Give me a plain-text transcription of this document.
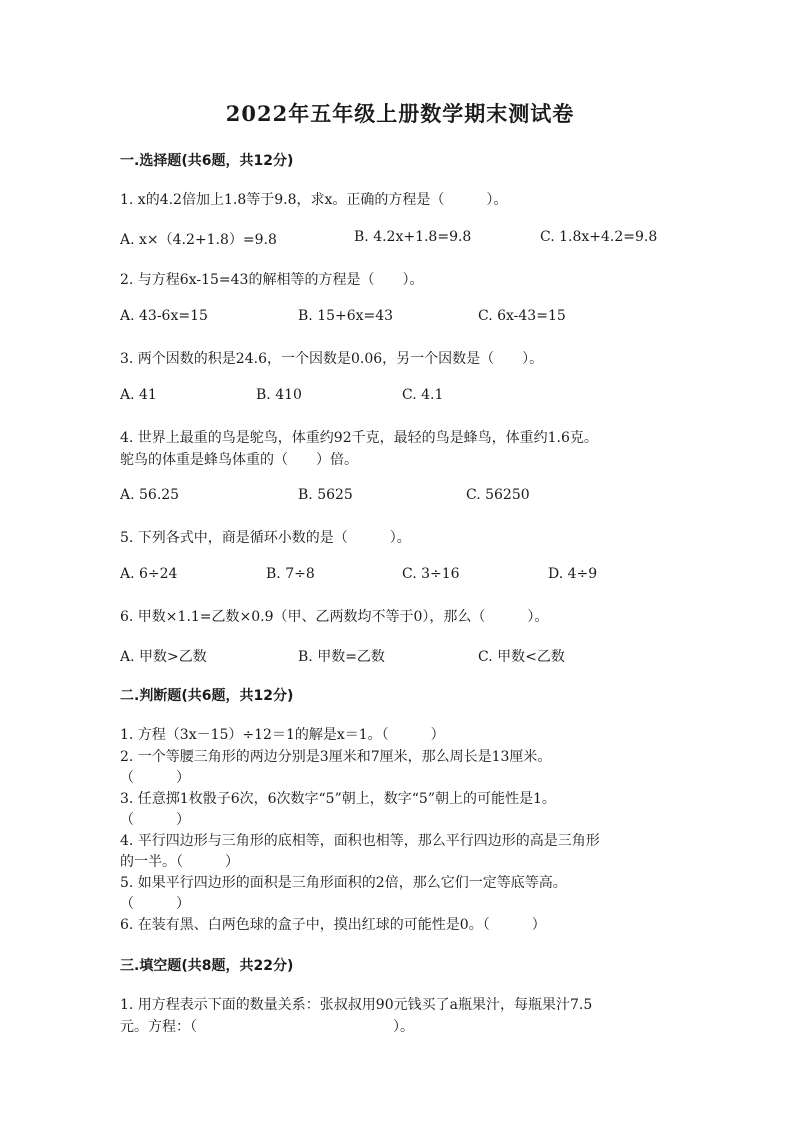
2022年五年级上册数学期末测试卷
一.选择题(共6题，共12分)
1. x的4.2倍加上1.8等于9.8，求x。正确的方程是（　　　）。
A. x×（4.2+1.8）=9.8	B. 4.2x+1.8=9.8	C. 1.8x+4.2=9.8
2. 与方程6x-15=43的解相等的方程是（　　）。
A. 43-6x=15	B. 15+6x=43	C. 6x-43=15
3. 两个因数的积是24.6，一个因数是0.06，另一个因数是（　　）。
A. 41	B. 410	C. 4.1
4. 世界上最重的鸟是鸵鸟，体重约92千克，最轻的鸟是蜂鸟，体重约1.6克。
鸵鸟的体重是蜂鸟体重的（　　）倍。
A. 56.25	B. 5625	C. 56250
5. 下列各式中，商是循环小数的是（　　　）。
A. 6÷24	B. 7÷8	C. 3÷16	D. 4÷9
6. 甲数×1.1=乙数×0.9（甲、乙两数均不等于0），那么（　　　）。
A. 甲数>乙数	B. 甲数=乙数	C. 甲数<乙数
二.判断题(共6题，共12分)
1. 方程（3x－15）÷12＝1的解是x＝1。（　　　）
2. 一个等腰三角形的两边分别是3厘米和7厘米，那么周长是13厘米。
（　　　）
3. 任意掷1枚骰子6次，6次数字“5”朝上，数字“5”朝上的可能性是1。
（　　　）
4. 平行四边形与三角形的底相等，面积也相等，那么平行四边形的高是三角形
的一半。（　　　）
5. 如果平行四边形的面积是三角形面积的2倍，那么它们一定等底等高。
（　　　）
6. 在装有黑、白两色球的盒子中，摸出红球的可能性是0。（　　　）
三.填空题(共8题，共22分)
1. 用方程表示下面的数量关系：张叔叔用90元钱买了a瓶果汁，每瓶果汁7.5
元。方程：（　　　　　　　　　　　　　　）。
